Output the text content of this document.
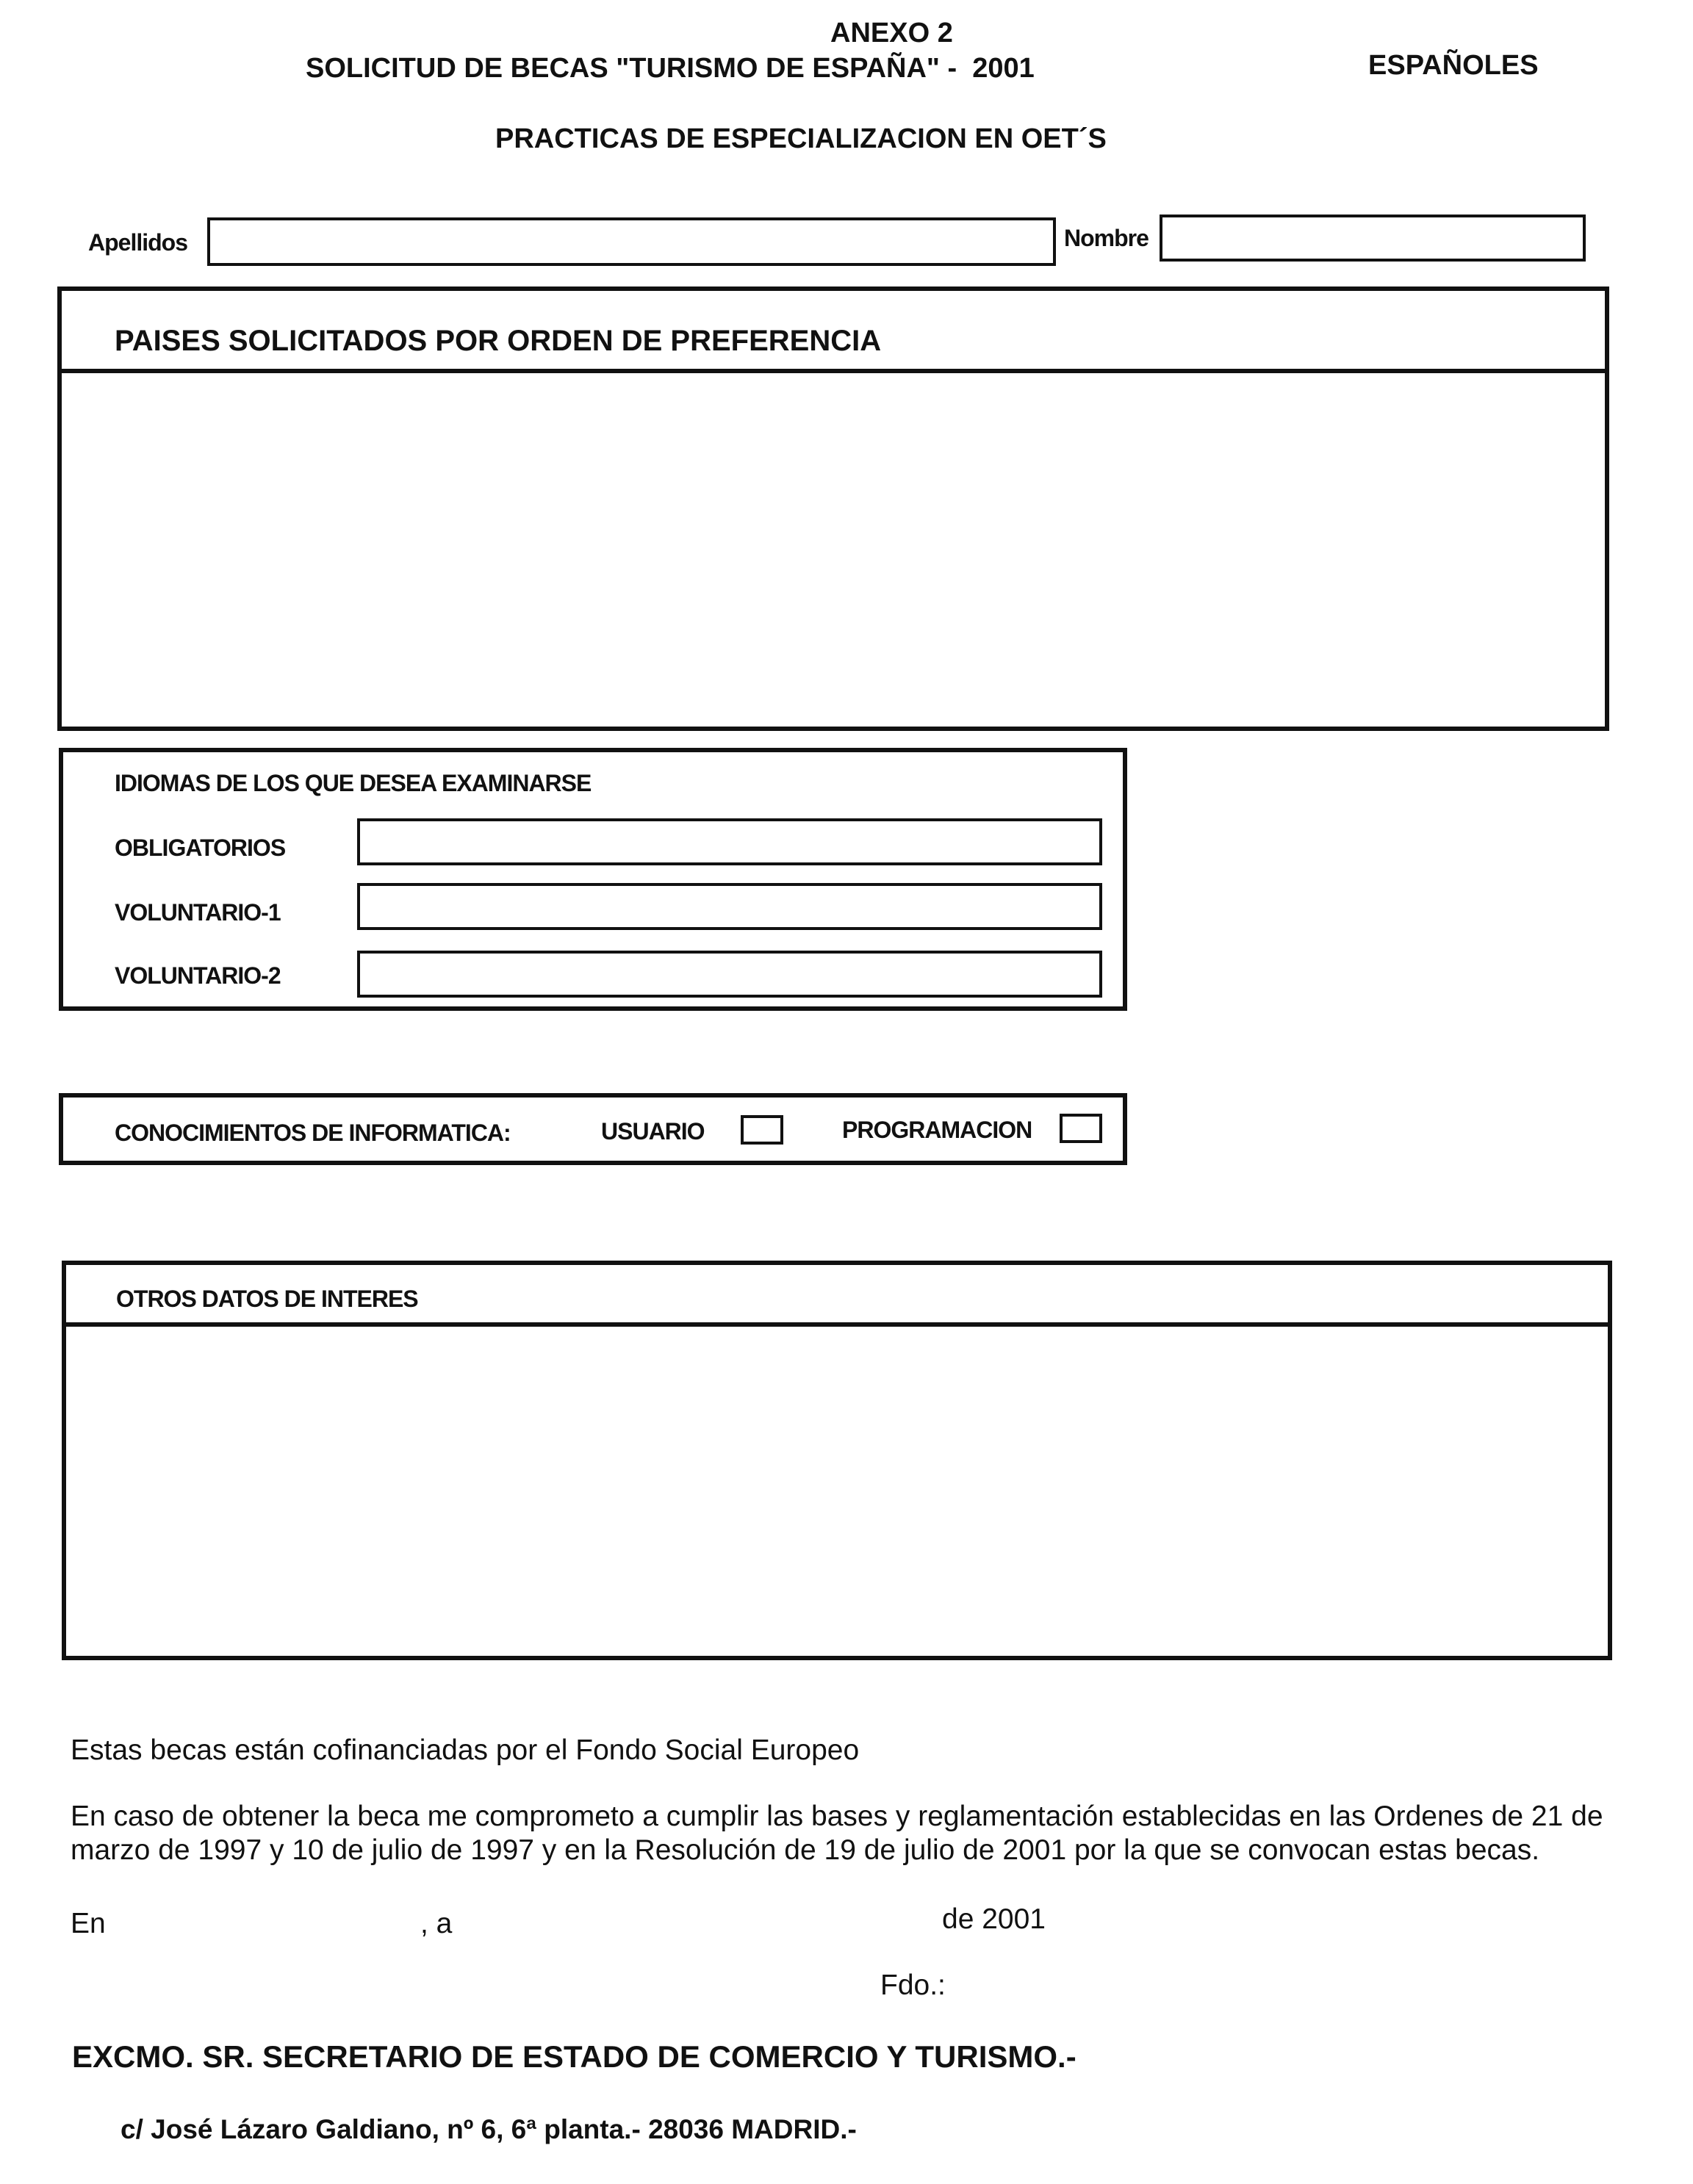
ANEXO 2
SOLICITUD DE BECAS "TURISMO DE ESPAÑA" -  2001	ESPAÑOLES
PRACTICAS DE ESPECIALIZACION EN OET´S
Apellidos	Nombre
PAISES SOLICITADOS POR ORDEN DE PREFERENCIA
IDIOMAS DE LOS QUE DESEA EXAMINARSE
OBLIGATORIOS
VOLUNTARIO-1
VOLUNTARIO-2
CONOCIMIENTOS DE INFORMATICA:	USUARIO	PROGRAMACION
OTROS DATOS DE INTERES
Estas becas están cofinanciadas por el Fondo Social Europeo
En caso de obtener la beca me comprometo a cumplir las bases y reglamentación establecidas en las Ordenes de 21 de marzo de 1997 y 10 de julio de 1997 y en la Resolución de 19 de julio de 2001 por la que se convocan estas becas.
En	, a	de 2001
Fdo.:
EXCMO. SR. SECRETARIO DE ESTADO DE COMERCIO Y TURISMO.-
c/ José Lázaro Galdiano, nº 6, 6ª planta.- 28036 MADRID.-
